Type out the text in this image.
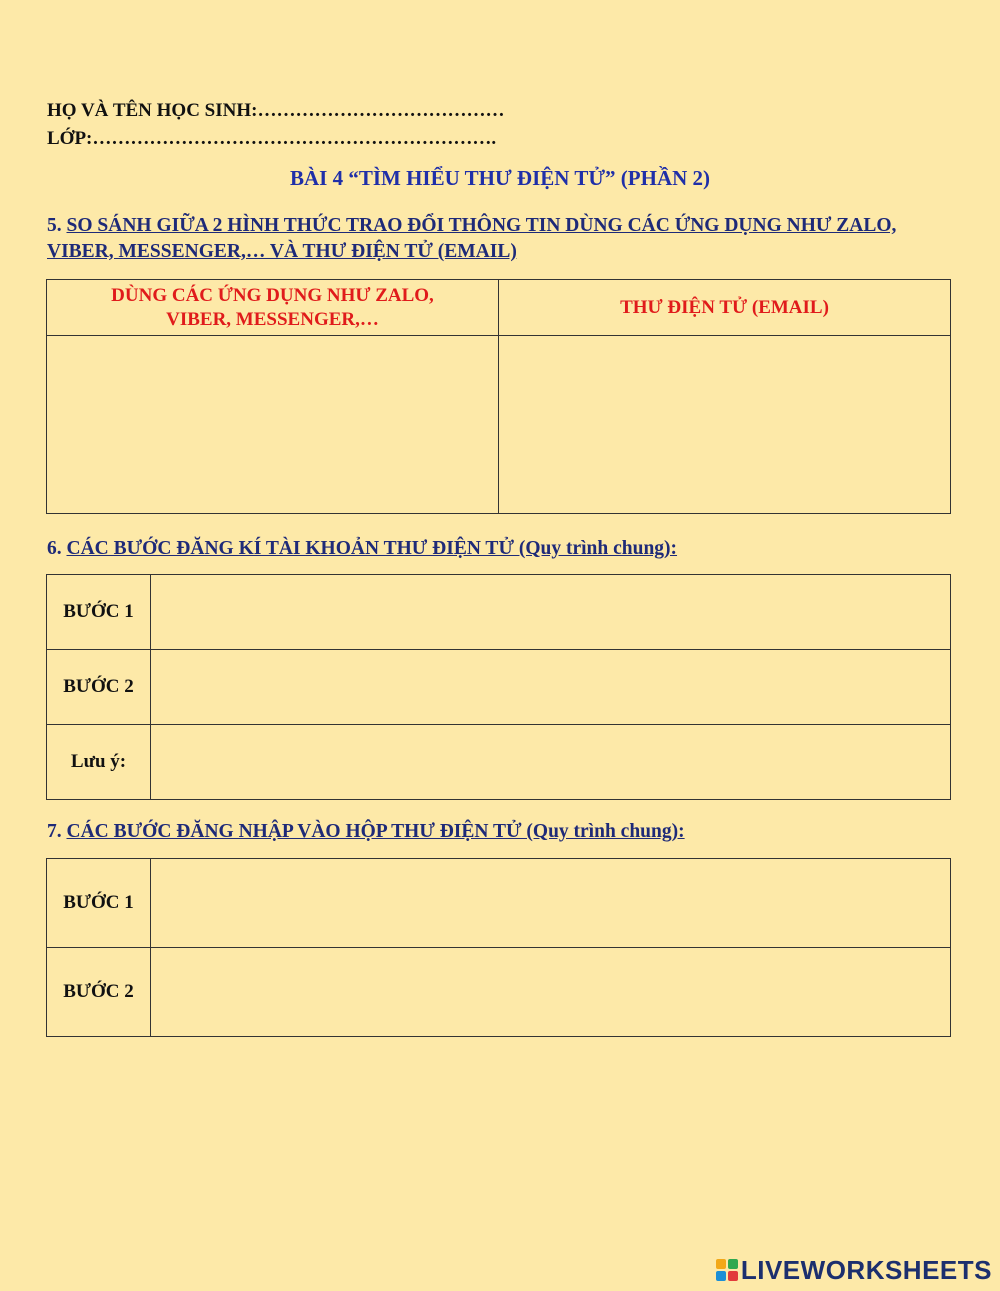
HỌ VÀ TÊN HỌC SINH:…………………………………
LỚP:……………………………………………………….
BÀI 4 “TÌM HIỂU THƯ ĐIỆN TỬ” (PHẦN 2)
5. SO SÁNH GIỮA 2 HÌNH THỨC TRAO ĐỔI THÔNG TIN DÙNG CÁC ỨNG DỤNG NHƯ ZALO, VIBER, MESSENGER,… VÀ THƯ ĐIỆN TỬ (EMAIL)
DÙNG CÁC ỨNG DỤNG NHƯ ZALO,
VIBER, MESSENGER,…	THƯ ĐIỆN TỬ (EMAIL)

6. CÁC BƯỚC ĐĂNG KÍ TÀI KHOẢN THƯ ĐIỆN TỬ (Quy trình chung):
BƯỚC 1	
BƯỚC 2	
Lưu ý:	
7. CÁC BƯỚC ĐĂNG NHẬP VÀO HỘP THƯ ĐIỆN TỬ (Quy trình chung):
BƯỚC 1	
BƯỚC 2	
LIVEWORKSHEETS
